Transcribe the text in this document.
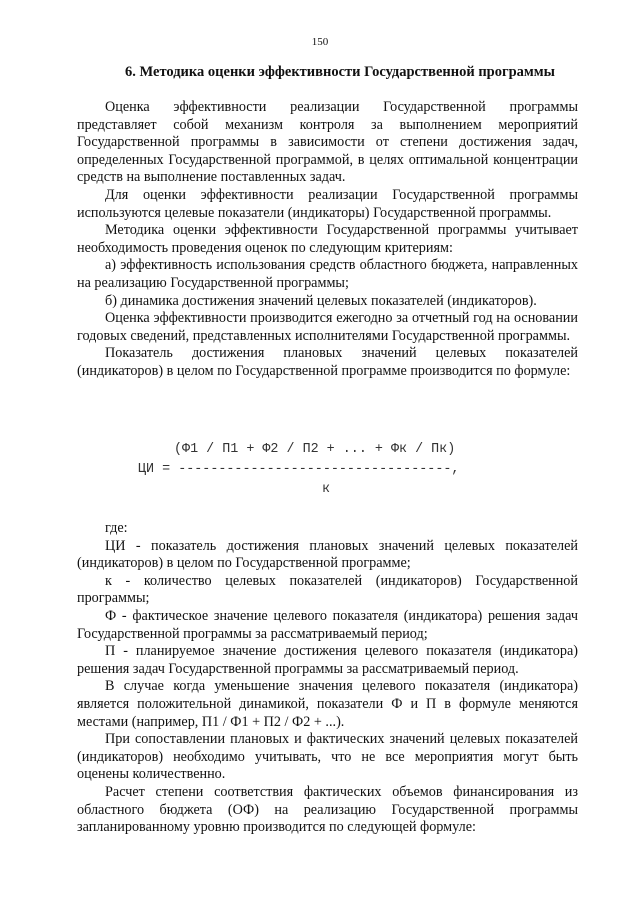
150
6. Методика оценки эффективности Государственной программы

Оценка эффективности реализации Государственной программы представляет собой механизм контроля за выполнением мероприятий Государственной программы в зависимости от степени достижения задач, определенных Государственной программой, в целях оптимальной концентрации средств на выполнение поставленных задач.

Для оценки эффективности реализации Государственной программы используются целевые показатели (индикаторы) Государственной программы.

Методика оценки эффективности Государственной программы учитывает необходимость проведения оценок по следующим критериям:

а) эффективность использования средств областного бюджета, направленных на реализацию Государственной программы;

б) динамика достижения значений целевых показателей (индикаторов).

Оценка эффективности производится ежегодно за отчетный год на основании годовых сведений, представленных исполнителями Государственной программы.

Показатель достижения плановых значений целевых показателей (индикаторов) в целом по Государственной программе производится по формуле:

(Ф1 / П1 + Ф2 / П2 + ... + Фк / Пк)
ЦИ = ----------------------------------,
к

где:

ЦИ - показатель достижения плановых значений целевых показателей (индикаторов) в целом по Государственной программе;

к - количество целевых показателей (индикаторов) Государственной программы;

Ф - фактическое значение целевого показателя (индикатора) решения задач Государственной программы за рассматриваемый период;

П - планируемое значение достижения целевого показателя (индикатора) решения задач Государственной программы за рассматриваемый период.

В случае когда уменьшение значения целевого показателя (индикатора) является положительной динамикой, показатели Ф и П в формуле меняются местами (например, П1 / Ф1 + П2 / Ф2 + ...).

При сопоставлении плановых и фактических значений целевых показателей (индикаторов) необходимо учитывать, что не все мероприятия могут быть оценены количественно.

Расчет степени соответствия фактических объемов финансирования из областного бюджета (ОФ) на реализацию Государственной программы запланированному уровню производится по следующей формуле:
